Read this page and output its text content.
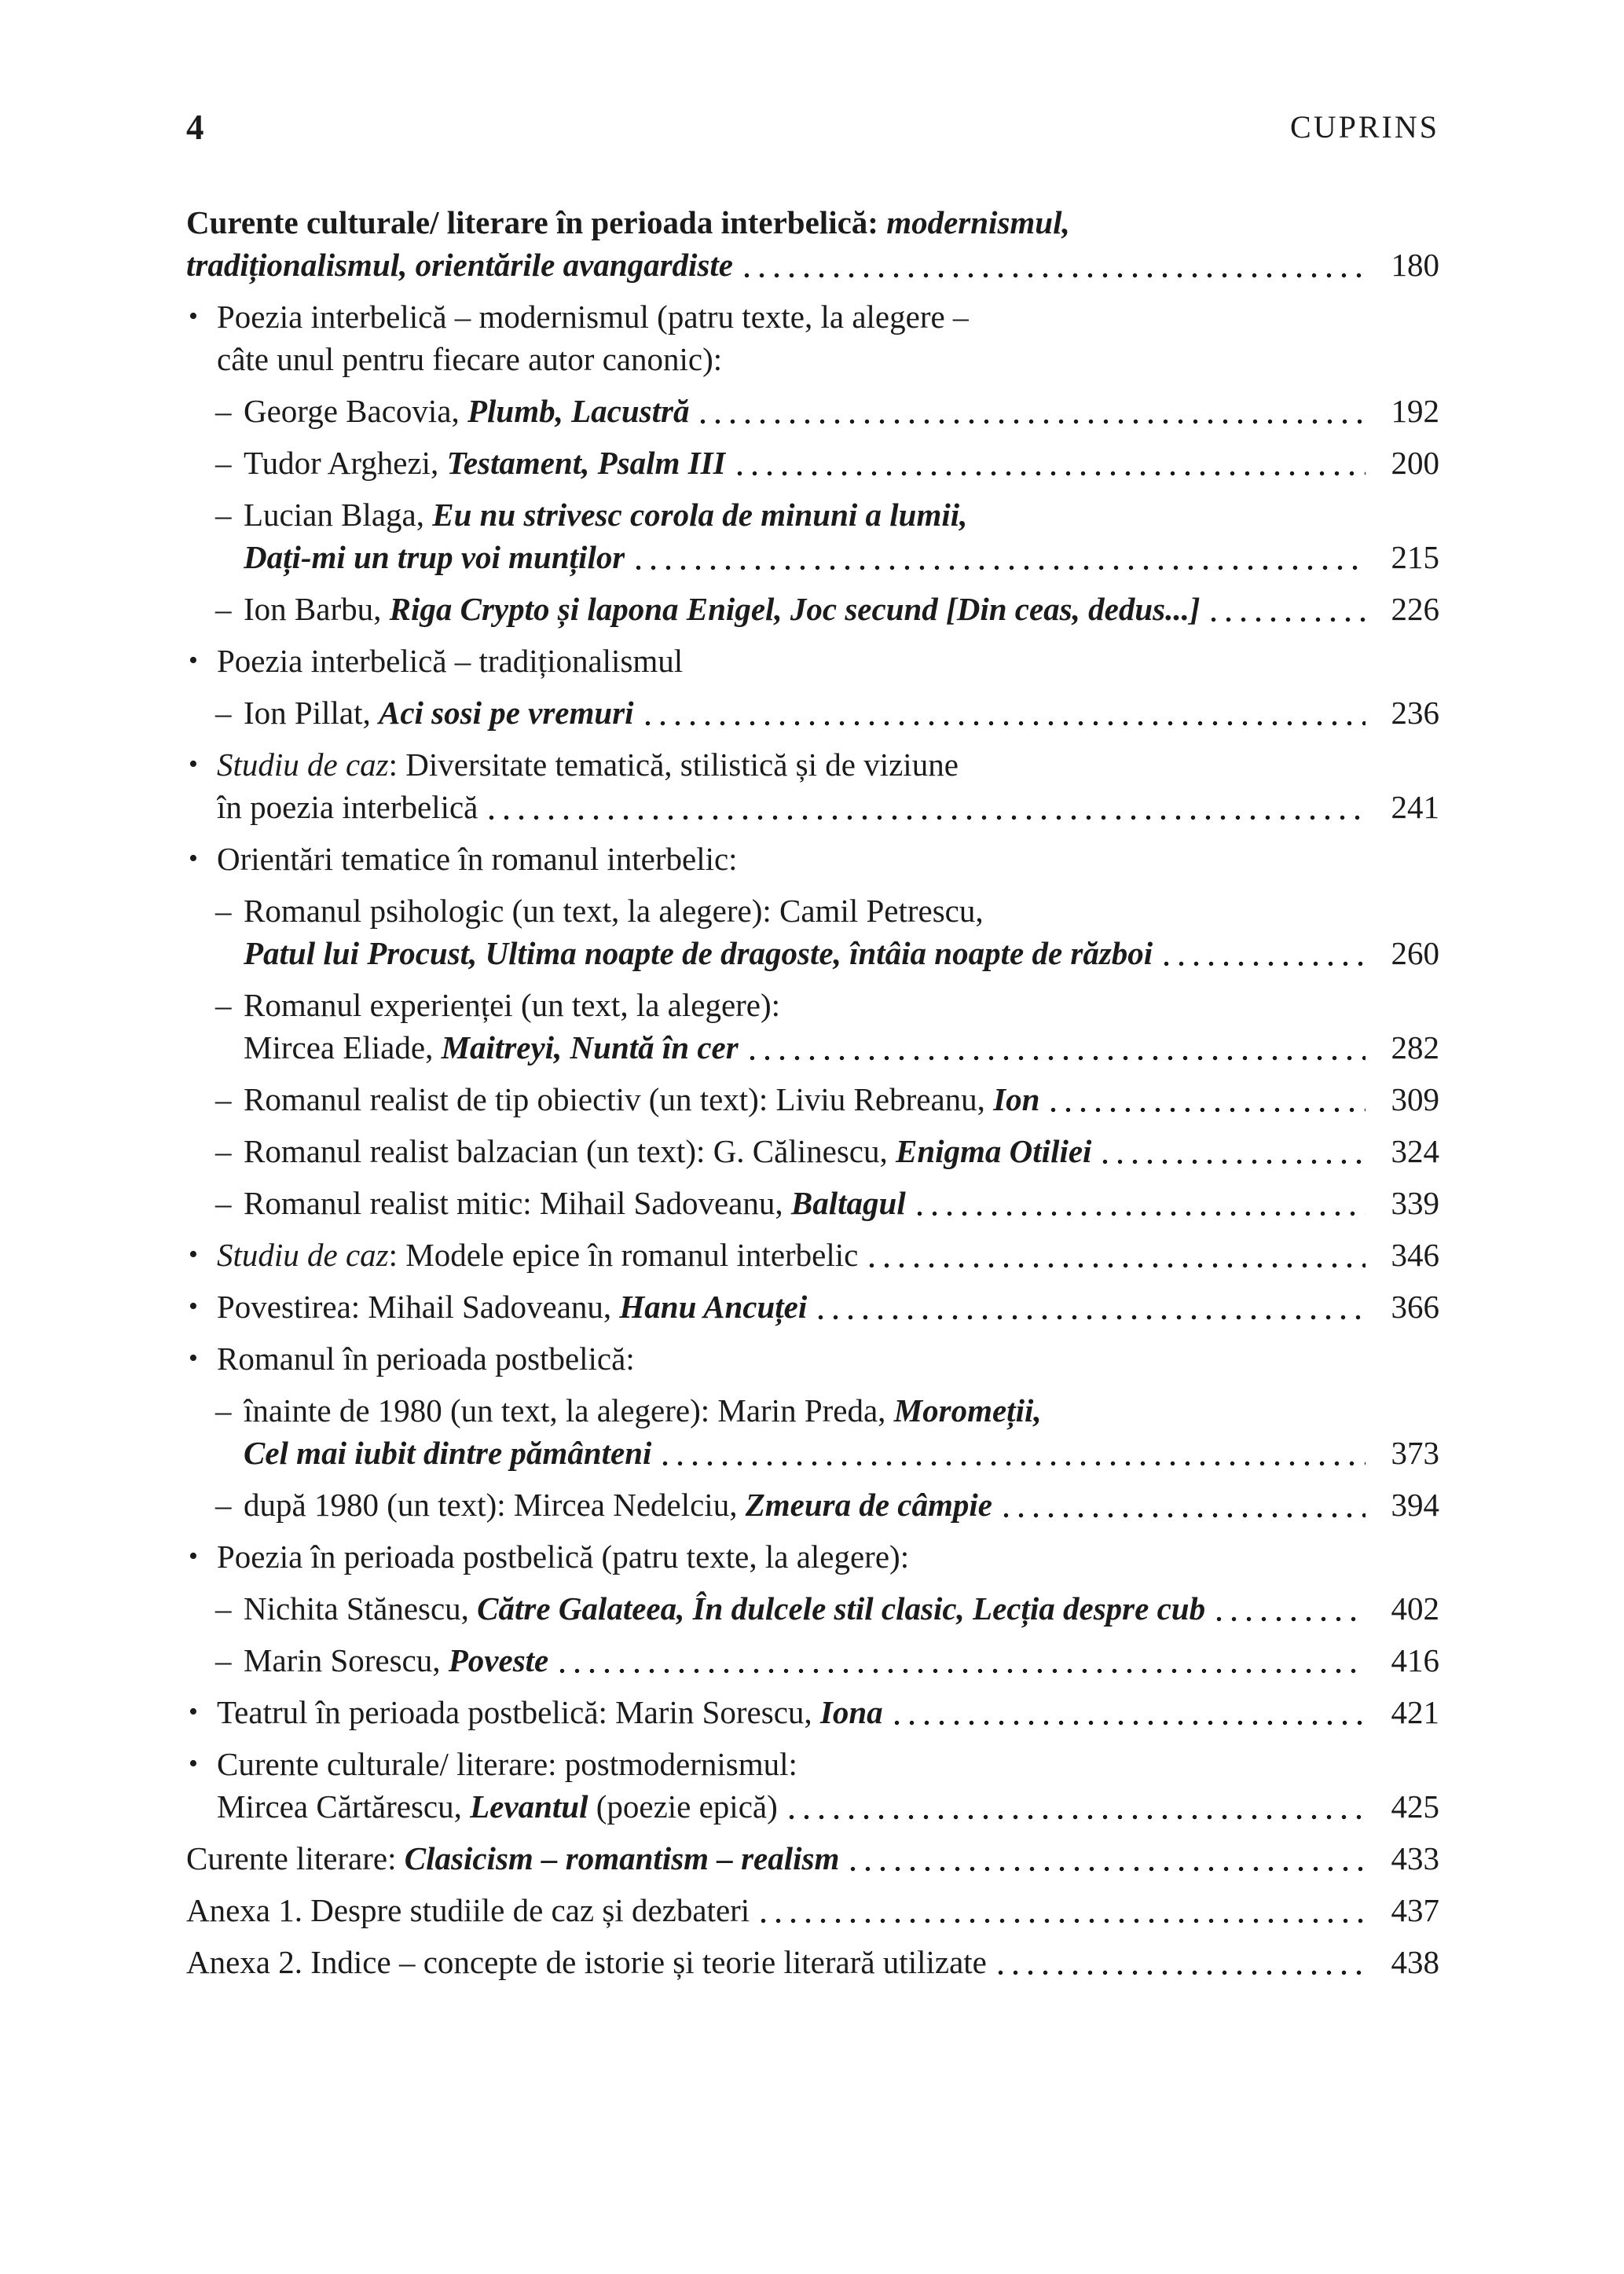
4	CUPRINS
Curente culturale/ literare în perioada interbelică: modernismul,
tradiționalismul, orientările avangardiste	180
• Poezia interbelică – modernismul (patru texte, la alegere –
câte unul pentru fiecare autor canonic):
– George Bacovia, Plumb, Lacustră	192
– Tudor Arghezi, Testament, Psalm III	200
– Lucian Blaga, Eu nu strivesc corola de minuni a lumii,
Dați-mi un trup voi munților	215
– Ion Barbu, Riga Crypto și lapona Enigel, Joc secund [Din ceas, dedus...]	226
• Poezia interbelică – tradiționalismul
– Ion Pillat, Aci sosi pe vremuri	236
• Studiu de caz: Diversitate tematică, stilistică și de viziune
în poezia interbelică	241
• Orientări tematice în romanul interbelic:
– Romanul psihologic (un text, la alegere): Camil Petrescu,
Patul lui Procust, Ultima noapte de dragoste, întâia noapte de război	260
– Romanul experienței (un text, la alegere):
Mircea Eliade, Maitreyi, Nuntă în cer	282
– Romanul realist de tip obiectiv (un text): Liviu Rebreanu, Ion	309
– Romanul realist balzacian (un text): G. Călinescu, Enigma Otiliei	324
– Romanul realist mitic: Mihail Sadoveanu, Baltagul	339
• Studiu de caz: Modele epice în romanul interbelic	346
• Povestirea: Mihail Sadoveanu, Hanu Ancuței	366
• Romanul în perioada postbelică:
– înainte de 1980 (un text, la alegere): Marin Preda, Moromeții,
Cel mai iubit dintre pământeni	373
– după 1980 (un text): Mircea Nedelciu, Zmeura de câmpie	394
• Poezia în perioada postbelică (patru texte, la alegere):
– Nichita Stănescu, Către Galateea, În dulcele stil clasic, Lecția despre cub	402
– Marin Sorescu, Poveste	416
• Teatrul în perioada postbelică: Marin Sorescu, Iona	421
• Curente culturale/ literare: postmodernismul:
Mircea Cărtărescu, Levantul (poezie epică)	425
Curente literare: Clasicism – romantism – realism	433
Anexa 1. Despre studiile de caz și dezbateri	437
Anexa 2. Indice – concepte de istorie și teorie literară utilizate	438
